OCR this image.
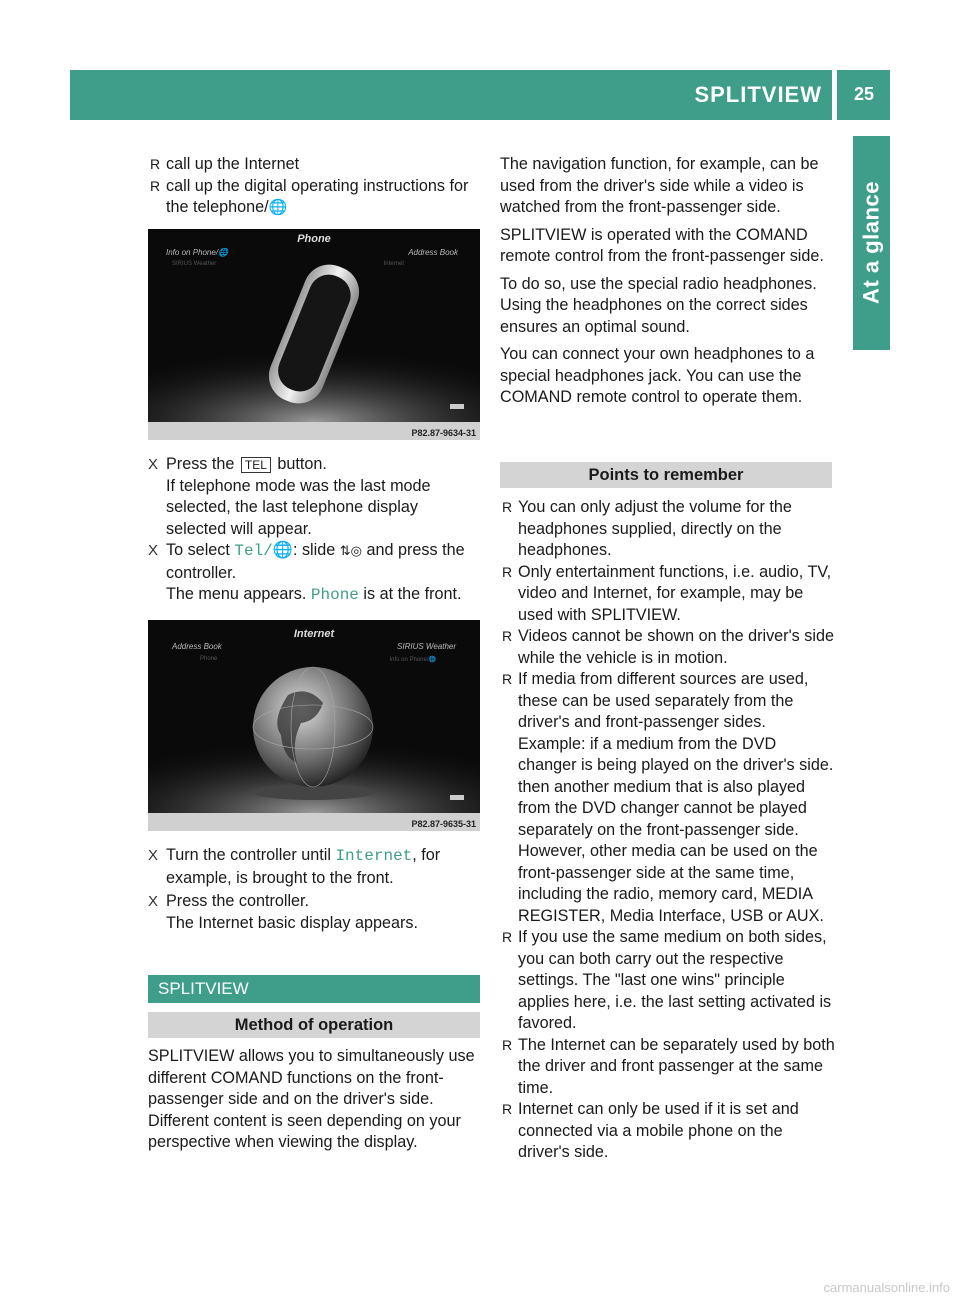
SPLITVIEW 25
At a glance

R call up the Internet

R call up the digital operating instructions for the telephone/🌐

Phone
Info on Phone/🌐
SIRIUS Weather
Address Book
Internet
P82.87-9634-31

X Press the TEL button.
If telephone mode was the last mode selected, the last telephone display selected will appear.

X To select Tel/🌐: slide ⇅◎ and press the controller.
The menu appears. Phone is at the front.

Internet
Address Book
Phone
SIRIUS Weather
Info on Phone/🌐
P82.87-9635-31

X Turn the controller until Internet, for example, is brought to the front.

X Press the controller.
The Internet basic display appears.

SPLITVIEW
Method of operation

SPLITVIEW allows you to simultaneously use different COMAND functions on the front-passenger side and on the driver's side. Different content is seen depending on your perspective when viewing the display.

The navigation function, for example, can be used from the driver's side while a video is watched from the front-passenger side.

SPLITVIEW is operated with the COMAND remote control from the front-passenger side.

To do so, use the special radio headphones. Using the headphones on the correct sides ensures an optimal sound.

You can connect your own headphones to a special headphones jack. You can use the COMAND remote control to operate them.

Points to remember

R You can only adjust the volume for the headphones supplied, directly on the headphones.

R Only entertainment functions, i.e. audio, TV, video and Internet, for example, may be used with SPLITVIEW.

R Videos cannot be shown on the driver's side while the vehicle is in motion.

R If media from different sources are used, these can be used separately from the driver's and front-passenger sides. Example: if a medium from the DVD changer is being played on the driver's side. then another medium that is also played from the DVD changer cannot be played separately on the front-passenger side. However, other media can be used on the front-passenger side at the same time, including the radio, memory card, MEDIA REGISTER, Media Interface, USB or AUX.

R If you use the same medium on both sides, you can both carry out the respective settings. The "last one wins" principle applies here, i.e. the last setting activated is favored.

R The Internet can be separately used by both the driver and front passenger at the same time.

R Internet can only be used if it is set and connected via a mobile phone on the driver's side.

carmanualsonline.info
